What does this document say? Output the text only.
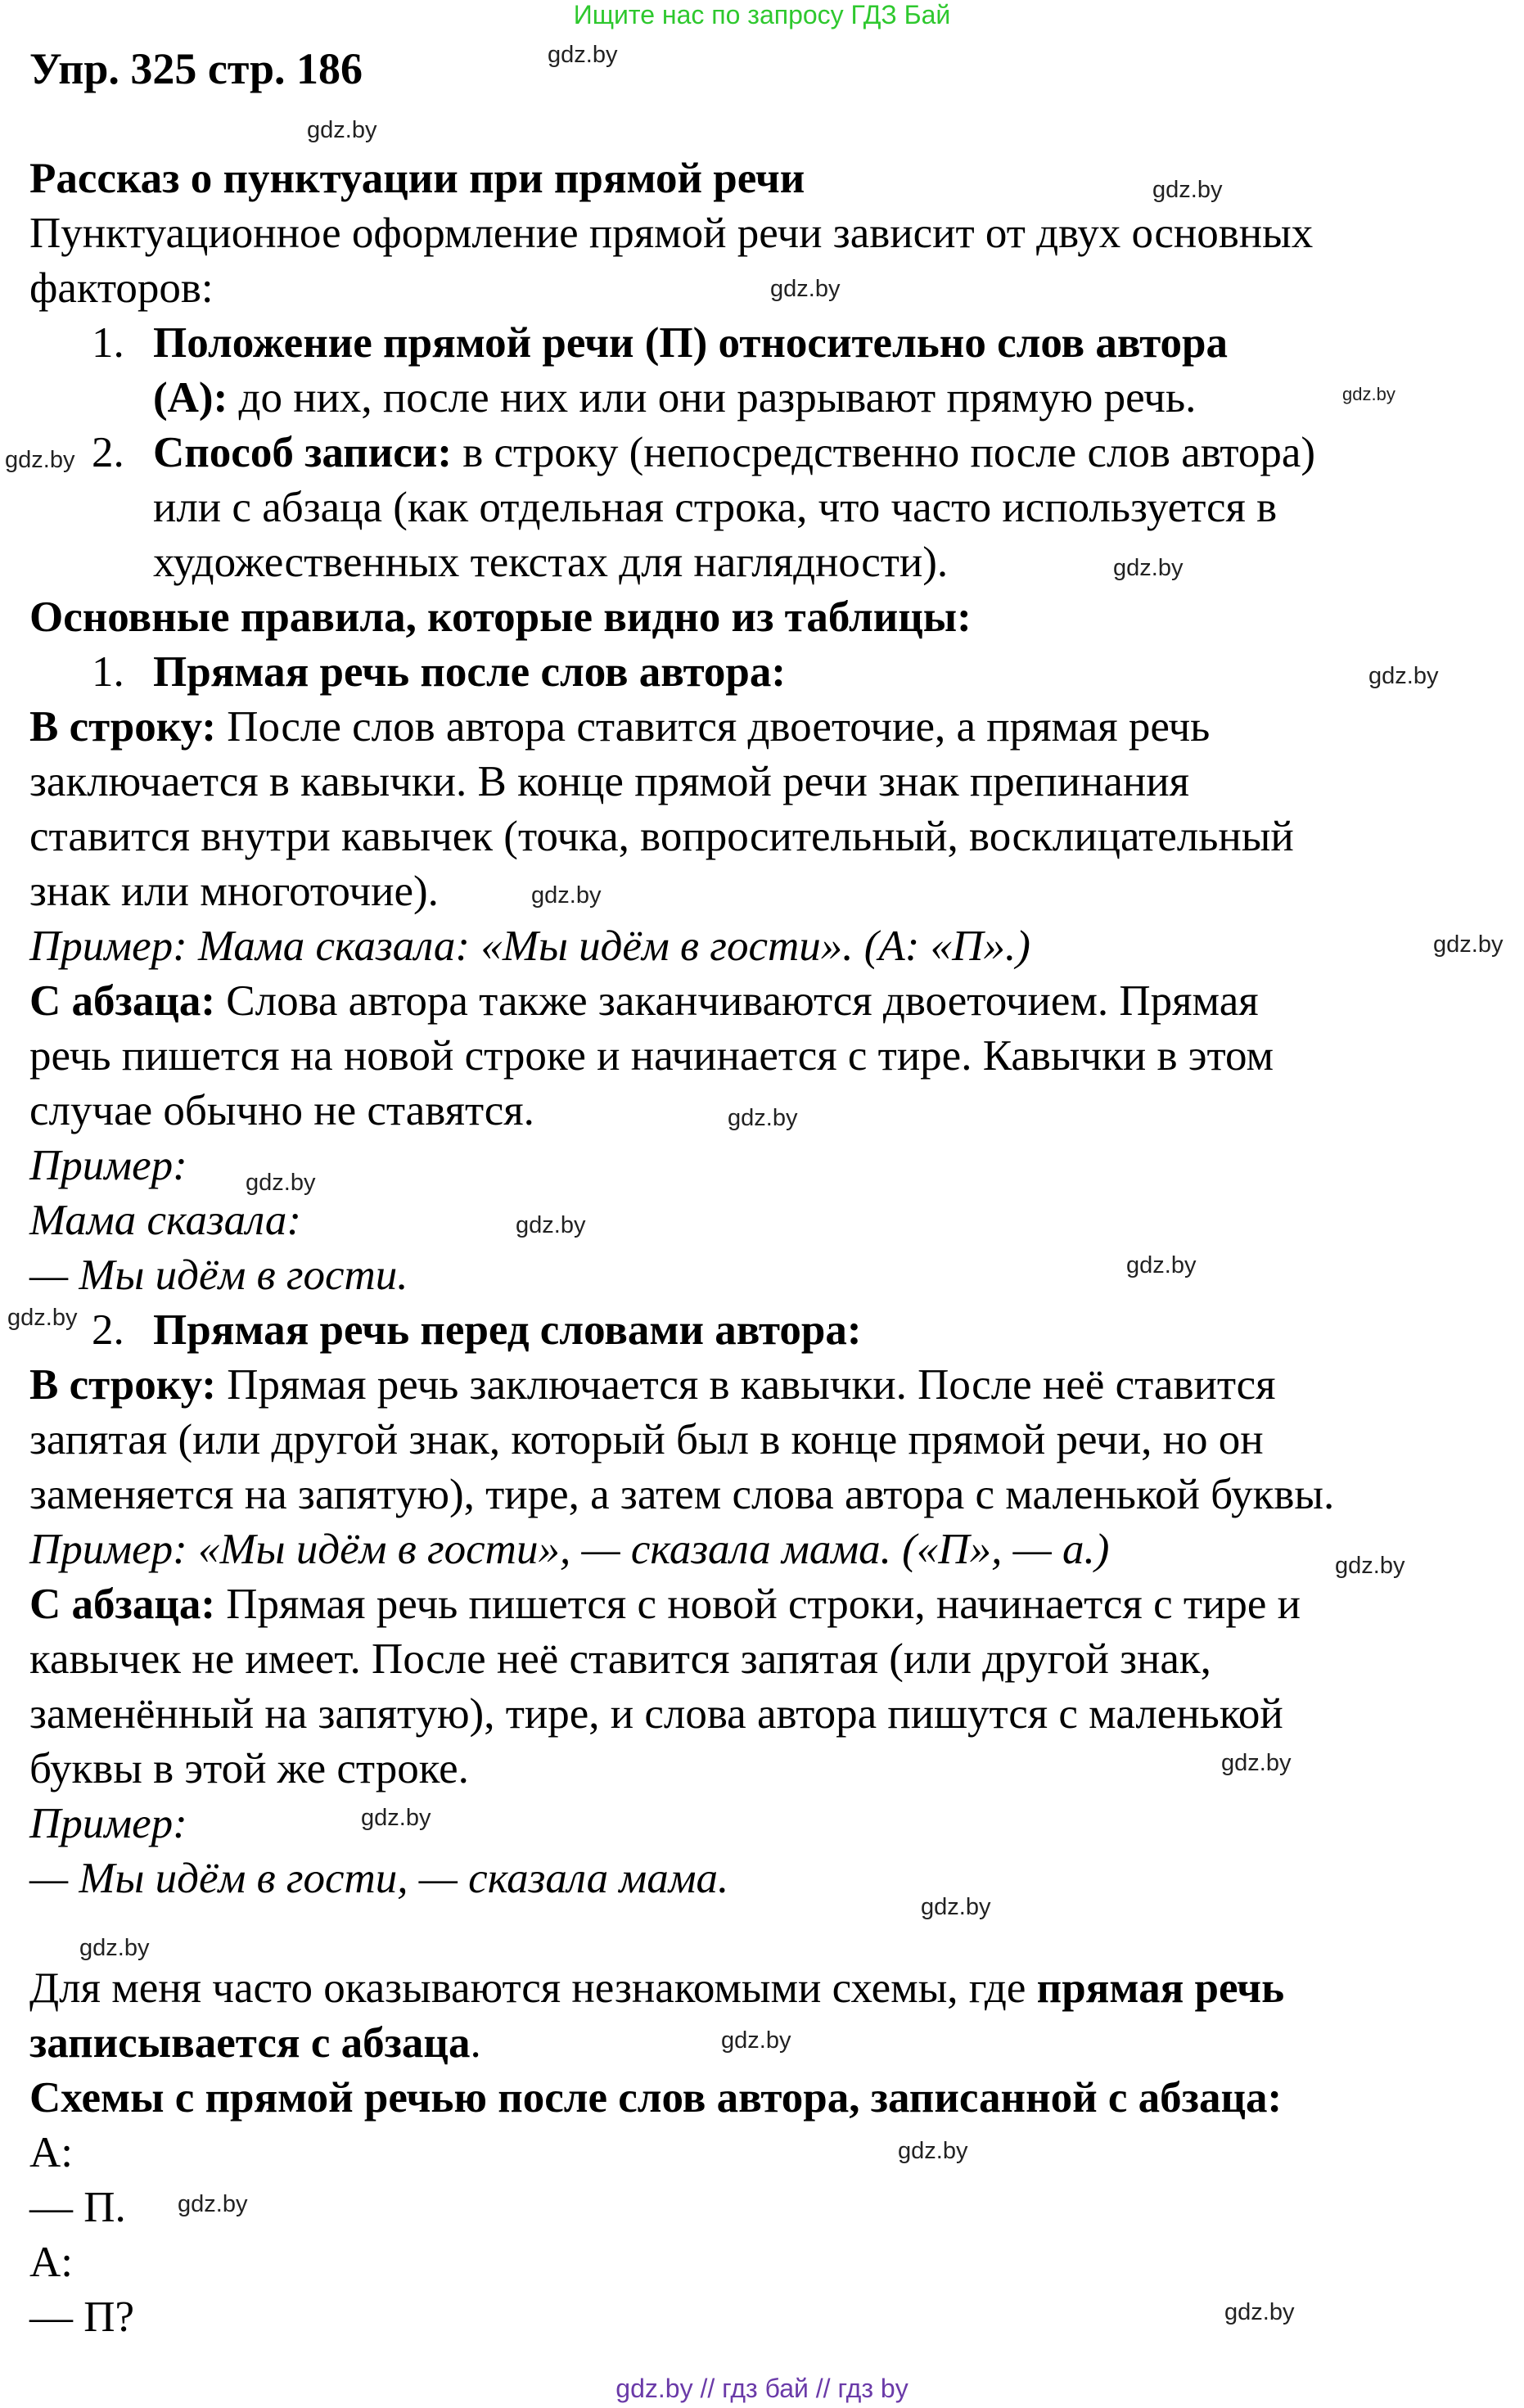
Ищите нас по запросу ГДЗ Бай
Упр. 325 стр. 186
Рассказ о пунктуации при прямой речи
Пунктуационное оформление прямой речи зависит от двух основных
факторов:
1. Положение прямой речи (П) относительно слов автора
(А): до них, после них или они разрывают прямую речь.
2. Способ записи: в строку (непосредственно после слов автора)
или с абзаца (как отдельная строка, что часто используется в
художественных текстах для наглядности).
Основные правила, которые видно из таблицы:
1. Прямая речь после слов автора:
В строку: После слов автора ставится двоеточие, а прямая речь
заключается в кавычки. В конце прямой речи знак препинания
ставится внутри кавычек (точка, вопросительный, восклицательный
знак или многоточие).
Пример: Мама сказала: «Мы идём в гости». (А: «П».)
С абзаца: Слова автора также заканчиваются двоеточием. Прямая
речь пишется на новой строке и начинается с тире. Кавычки в этом
случае обычно не ставятся.
Пример:
Мама сказала:
— Мы идём в гости.
2. Прямая речь перед словами автора:
В строку: Прямая речь заключается в кавычки. После неё ставится
запятая (или другой знак, который был в конце прямой речи, но он
заменяется на запятую), тире, а затем слова автора с маленькой буквы.
Пример: «Мы идём в гости», — сказала мама. («П», — а.)
С абзаца: Прямая речь пишется с новой строки, начинается с тире и
кавычек не имеет. После неё ставится запятая (или другой знак,
заменённый на запятую), тире, и слова автора пишутся с маленькой
буквы в этой же строке.
Пример:
— Мы идём в гости, — сказала мама.
Для меня часто оказываются незнакомыми схемы, где прямая речь
записывается с абзаца.
Схемы с прямой речью после слов автора, записанной с абзаца:
А:
— П.
А:
— П?
gdz.by
gdz.by
gdz.by
gdz.by
gdz.by
gdz.by
gdz.by
gdz.by
gdz.by
gdz.by
gdz.by
gdz.by
gdz.by
gdz.by
gdz.by
gdz.by
gdz.by
gdz.by
gdz.by
gdz.by
gdz.by
gdz.by
gdz.by
gdz.by
gdz.by // гдз бай // гдз by
